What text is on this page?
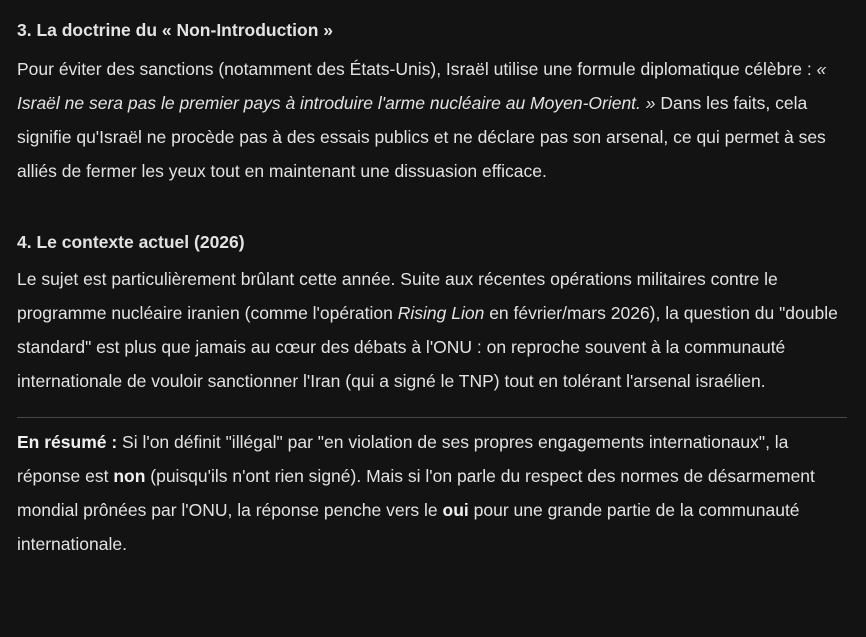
3. La doctrine du « Non-Introduction »

Pour éviter des sanctions (notamment des États-Unis), Israël utilise une formule diplomatique célèbre : « Israël ne sera pas le premier pays à introduire l'arme nucléaire au Moyen-Orient. » Dans les faits, cela signifie qu'Israël ne procède pas à des essais publics et ne déclare pas son arsenal, ce qui permet à ses alliés de fermer les yeux tout en maintenant une dissuasion efficace.

4. Le contexte actuel (2026)

Le sujet est particulièrement brûlant cette année. Suite aux récentes opérations militaires contre le programme nucléaire iranien (comme l'opération Rising Lion en février/mars 2026), la question du "double standard" est plus que jamais au cœur des débats à l'ONU : on reproche souvent à la communauté internationale de vouloir sanctionner l'Iran (qui a signé le TNP) tout en tolérant l'arsenal israélien.

En résumé : Si l'on définit "illégal" par "en violation de ses propres engagements internationaux", la réponse est non (puisqu'ils n'ont rien signé). Mais si l'on parle du respect des normes de désarmement mondial prônées par l'ONU, la réponse penche vers le oui pour une grande partie de la communauté internationale.
